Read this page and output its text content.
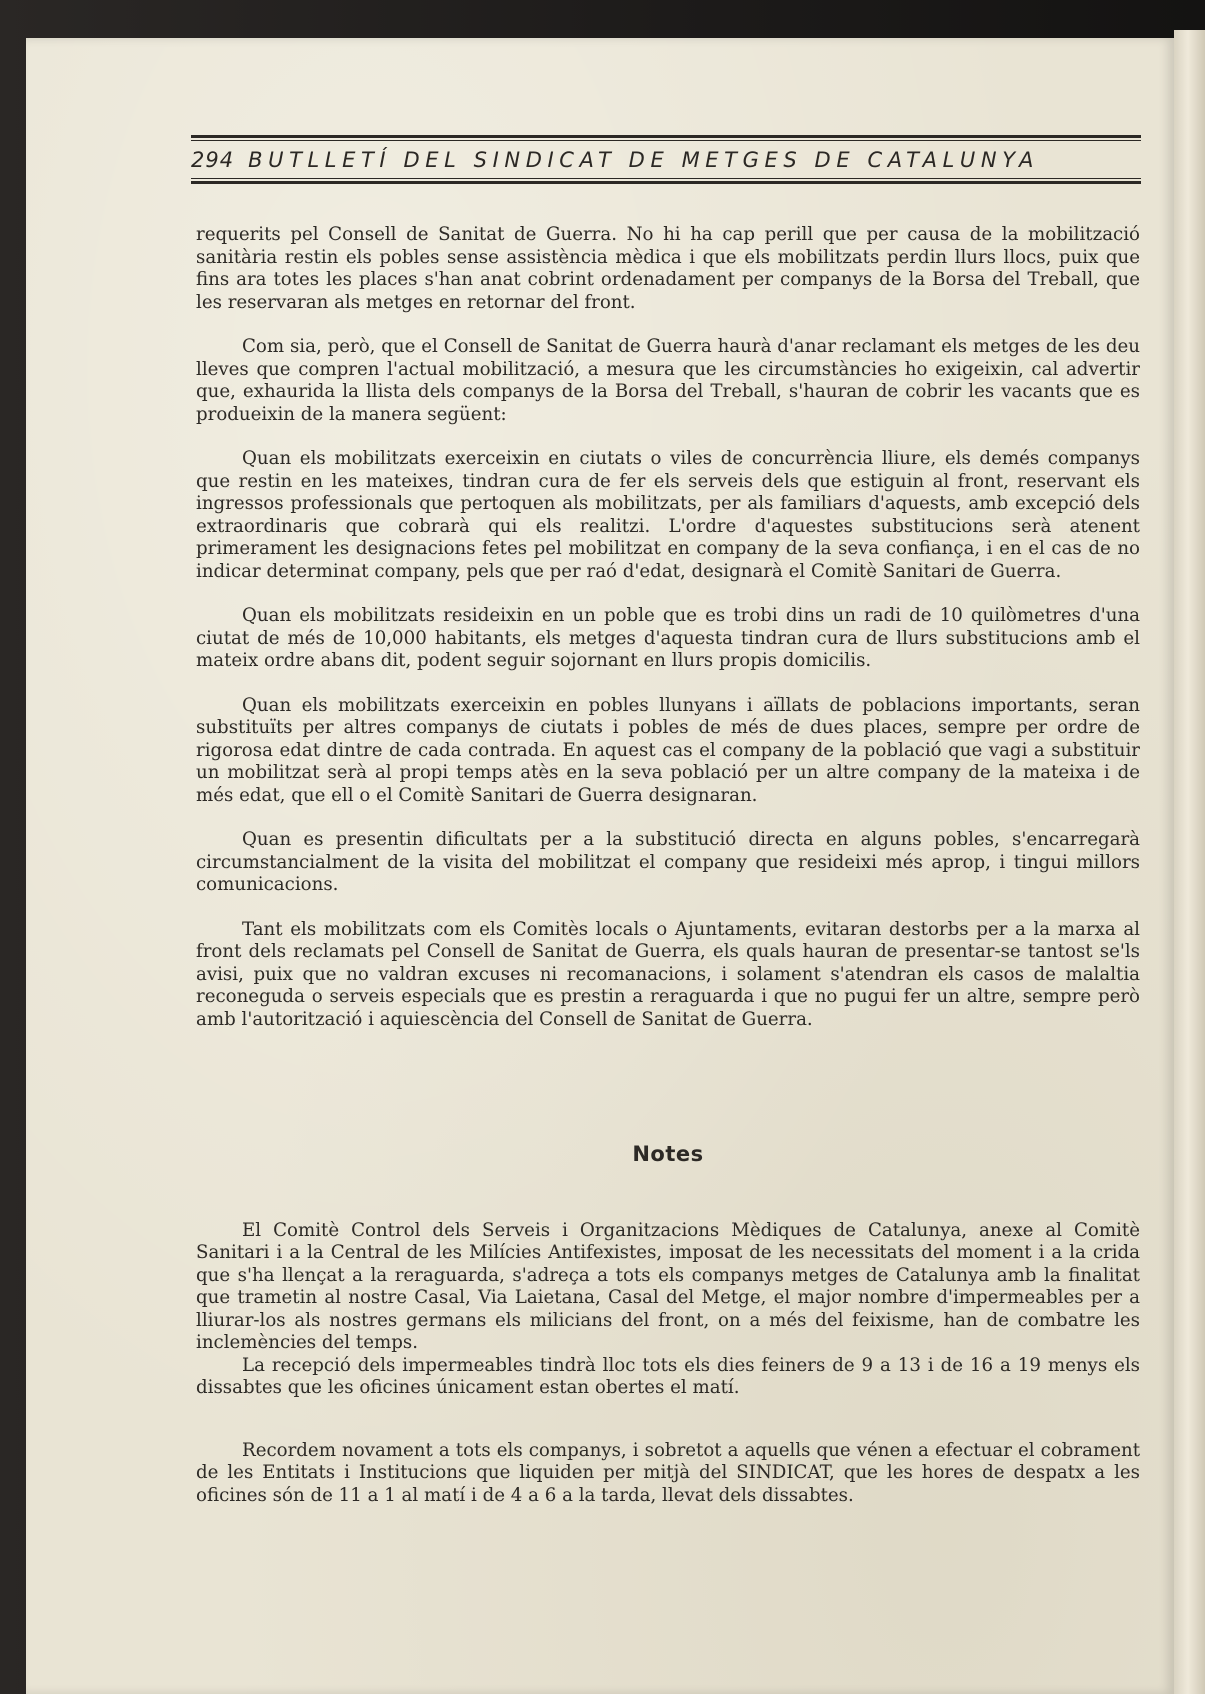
294 BUTLLETÍ DEL SINDICAT DE METGES DE CATALUNYA

requerits pel Consell de Sanitat de Guerra. No hi ha cap perill que per causa de la mobilització sanitària restin els pobles sense assistència mèdica i que els mobilitzats perdin llurs llocs, puix que fins ara totes les places s'han anat cobrint ordenadament per companys de la Borsa del Treball, que les reservaran als metges en retornar del front.

Com sia, però, que el Consell de Sanitat de Guerra haurà d'anar reclamant els metges de les deu lleves que compren l'actual mobilització, a mesura que les circumstàncies ho exigeixin, cal advertir que, exhaurida la llista dels companys de la Borsa del Treball, s'hauran de cobrir les vacants que es produeixin de la manera següent:

Quan els mobilitzats exerceixin en ciutats o viles de concurrència lliure, els demés companys que restin en les mateixes, tindran cura de fer els serveis dels que estiguin al front, reservant els ingressos professionals que pertoquen als mobilitzats, per als familiars d'aquests, amb excepció dels extraordinaris que cobrarà qui els realitzi. L'ordre d'aquestes substitucions serà atenent primerament les designacions fetes pel mobilitzat en company de la seva confiança, i en el cas de no indicar determinat company, pels que per raó d'edat, designarà el Comitè Sanitari de Guerra.

Quan els mobilitzats resideixin en un poble que es trobi dins un radi de 10 quilòmetres d'una ciutat de més de 10,000 habitants, els metges d'aquesta tindran cura de llurs substitucions amb el mateix ordre abans dit, podent seguir sojornant en llurs propis domicilis.

Quan els mobilitzats exerceixin en pobles llunyans i aïllats de poblacions importants, seran substituïts per altres companys de ciutats i pobles de més de dues places, sempre per ordre de rigorosa edat dintre de cada contrada. En aquest cas el company de la població que vagi a substituir un mobilitzat serà al propi temps atès en la seva població per un altre company de la mateixa i de més edat, que ell o el Comitè Sanitari de Guerra designaran.

Quan es presentin dificultats per a la substitució directa en alguns pobles, s'encarregarà circumstancialment de la visita del mobilitzat el company que resideixi més aprop, i tingui millors comunicacions.

Tant els mobilitzats com els Comitès locals o Ajuntaments, evitaran destorbs per a la marxa al front dels reclamats pel Consell de Sanitat de Guerra, els quals hauran de presentar-se tantost se'ls avisi, puix que no valdran excuses ni recomanacions, i solament s'atendran els casos de malaltia reconeguda o serveis especials que es prestin a reraguarda i que no pugui fer un altre, sempre però amb l'autorització i aquiescència del Consell de Sanitat de Guerra.

Notes

El Comitè Control dels Serveis i Organitzacions Mèdiques de Catalunya, anexe al Comitè Sanitari i a la Central de les Milícies Antifexistes, imposat de les necessitats del moment i a la crida que s'ha llençat a la reraguarda, s'adreça a tots els companys metges de Catalunya amb la finalitat que trametin al nostre Casal, Via Laietana, Casal del Metge, el major nombre d'impermeables per a lliurar-los als nostres germans els milicians del front, on a més del feixisme, han de combatre les inclemències del temps.

La recepció dels impermeables tindrà lloc tots els dies feiners de 9 a 13 i de 16 a 19 menys els dissabtes que les oficines únicament estan obertes el matí.

Recordem novament a tots els companys, i sobretot a aquells que vénen a efectuar el cobrament de les Entitats i Institucions que liquiden per mitjà del SINDICAT, que les hores de despatx a les oficines són de 11 a 1 al matí i de 4 a 6 a la tarda, llevat dels dissabtes.
